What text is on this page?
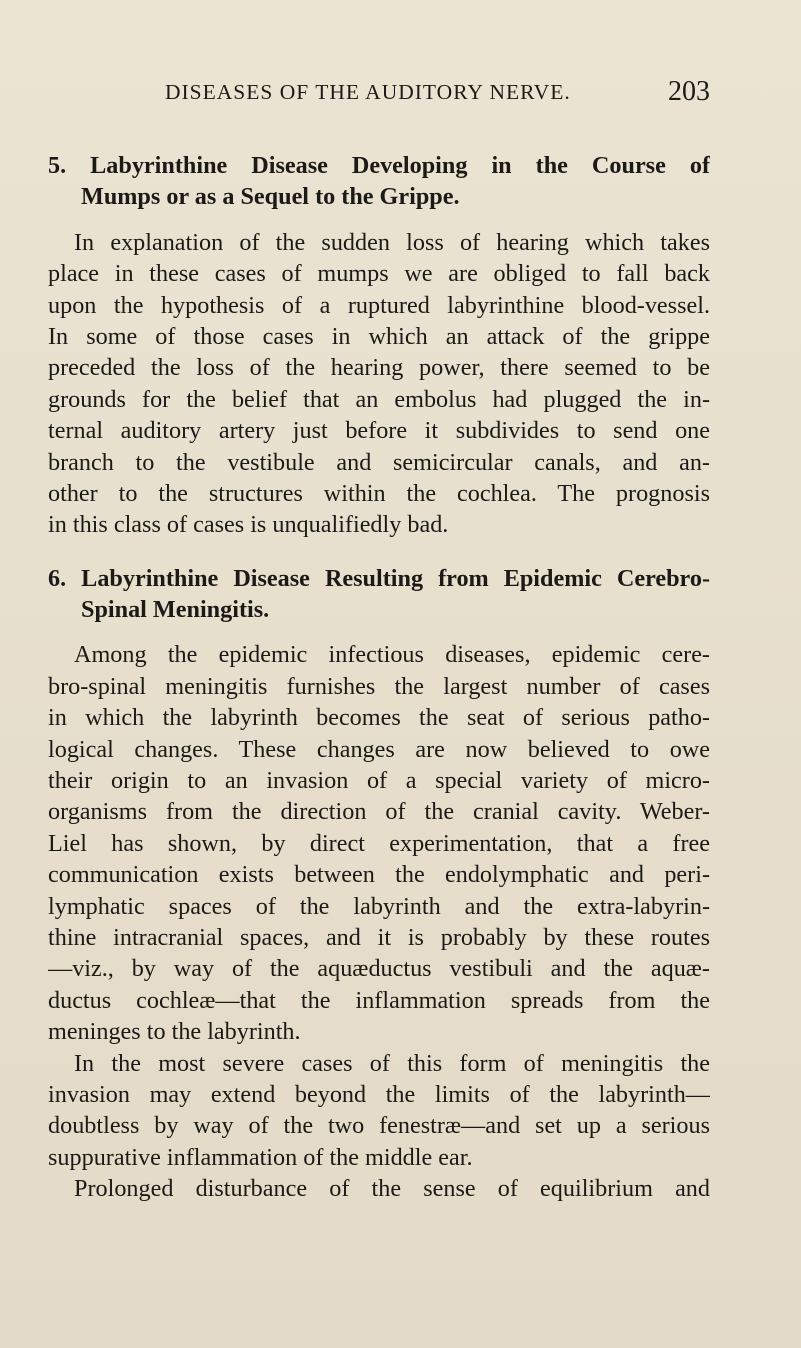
DISEASES OF THE AUDITORY NERVE.	203
5. Labyrinthine Disease Developing in the Course of
Mumps or as a Sequel to the Grippe.
In explanation of the sudden loss of hearing which takes
place in these cases of mumps we are obliged to fall back
upon the hypothesis of a ruptured labyrinthine blood-vessel.
In some of those cases in which an attack of the grippe
preceded the loss of the hearing power, there seemed to be
grounds for the belief that an embolus had plugged the in-
ternal auditory artery just before it subdivides to send one
branch to the vestibule and semicircular canals, and an-
other to the structures within the cochlea. The prognosis
in this class of cases is unqualifiedly bad.
6. Labyrinthine Disease Resulting from Epidemic Cerebro-
Spinal Meningitis.
Among the epidemic infectious diseases, epidemic cere-
bro-spinal meningitis furnishes the largest number of cases
in which the labyrinth becomes the seat of serious patho-
logical changes. These changes are now believed to owe
their origin to an invasion of a special variety of micro-
organisms from the direction of the cranial cavity. Weber-
Liel has shown, by direct experimentation, that a free
communication exists between the endolymphatic and peri-
lymphatic spaces of the labyrinth and the extra-labyrin-
thine intracranial spaces, and it is probably by these routes
—viz., by way of the aquæductus vestibuli and the aquæ-
ductus cochleæ—that the inflammation spreads from the
meninges to the labyrinth.
In the most severe cases of this form of meningitis the
invasion may extend beyond the limits of the labyrinth—
doubtless by way of the two fenestræ—and set up a serious
suppurative inflammation of the middle ear.
Prolonged disturbance of the sense of equilibrium and
